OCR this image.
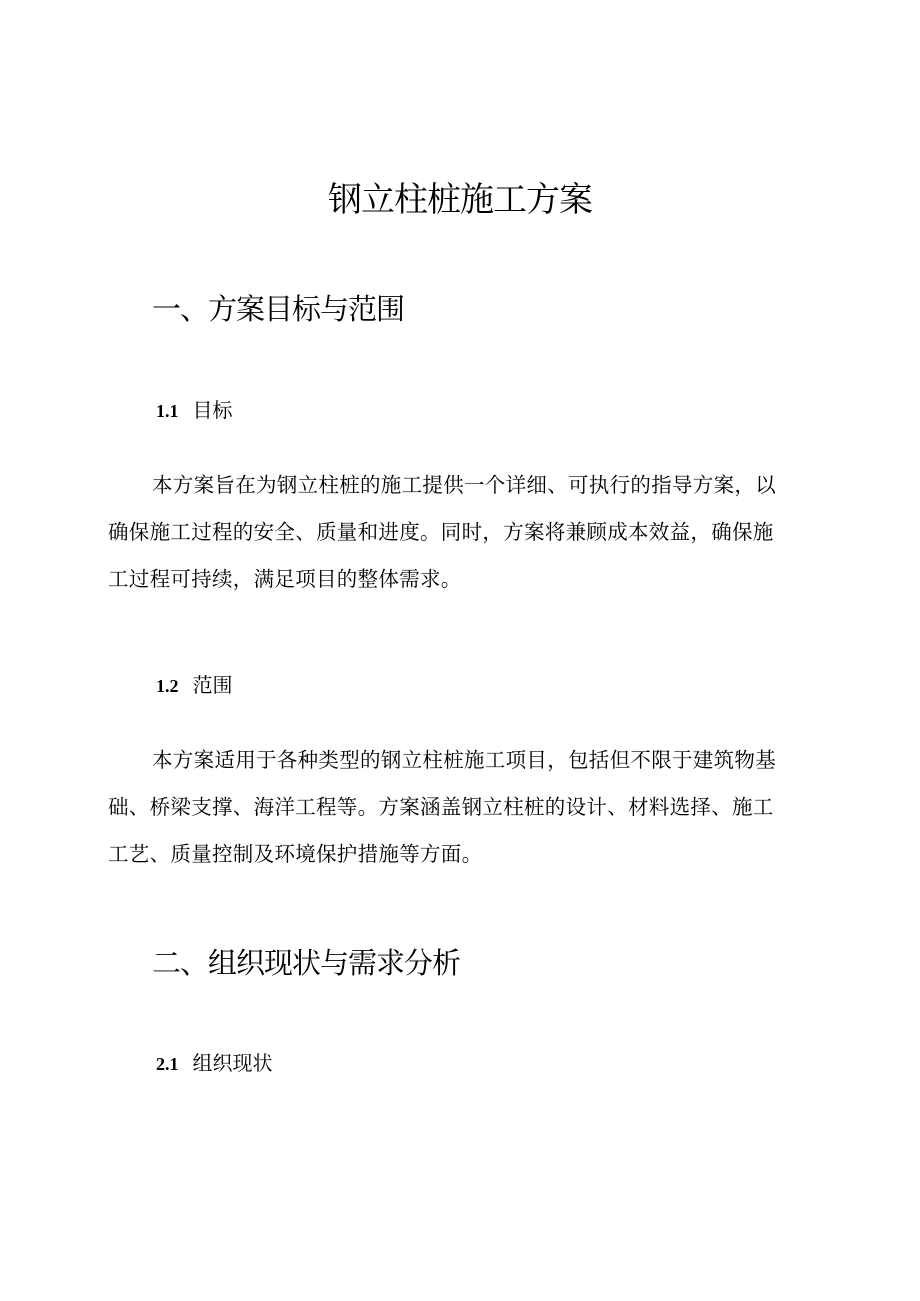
钢立柱桩施工方案
一、方案目标与范围
1.1 目标

本方案旨在为钢立柱桩的施工提供一个详细、可执行的指导方案，以
确保施工过程的安全、质量和进度。同时，方案将兼顾成本效益，确保施
工过程可持续，满足项目的整体需求。

1.2 范围

本方案适用于各种类型的钢立柱桩施工项目，包括但不限于建筑物基
础、桥梁支撑、海洋工程等。方案涵盖钢立柱桩的设计、材料选择、施工
工艺、质量控制及环境保护措施等方面。

二、组织现状与需求分析
2.1 组织现状
